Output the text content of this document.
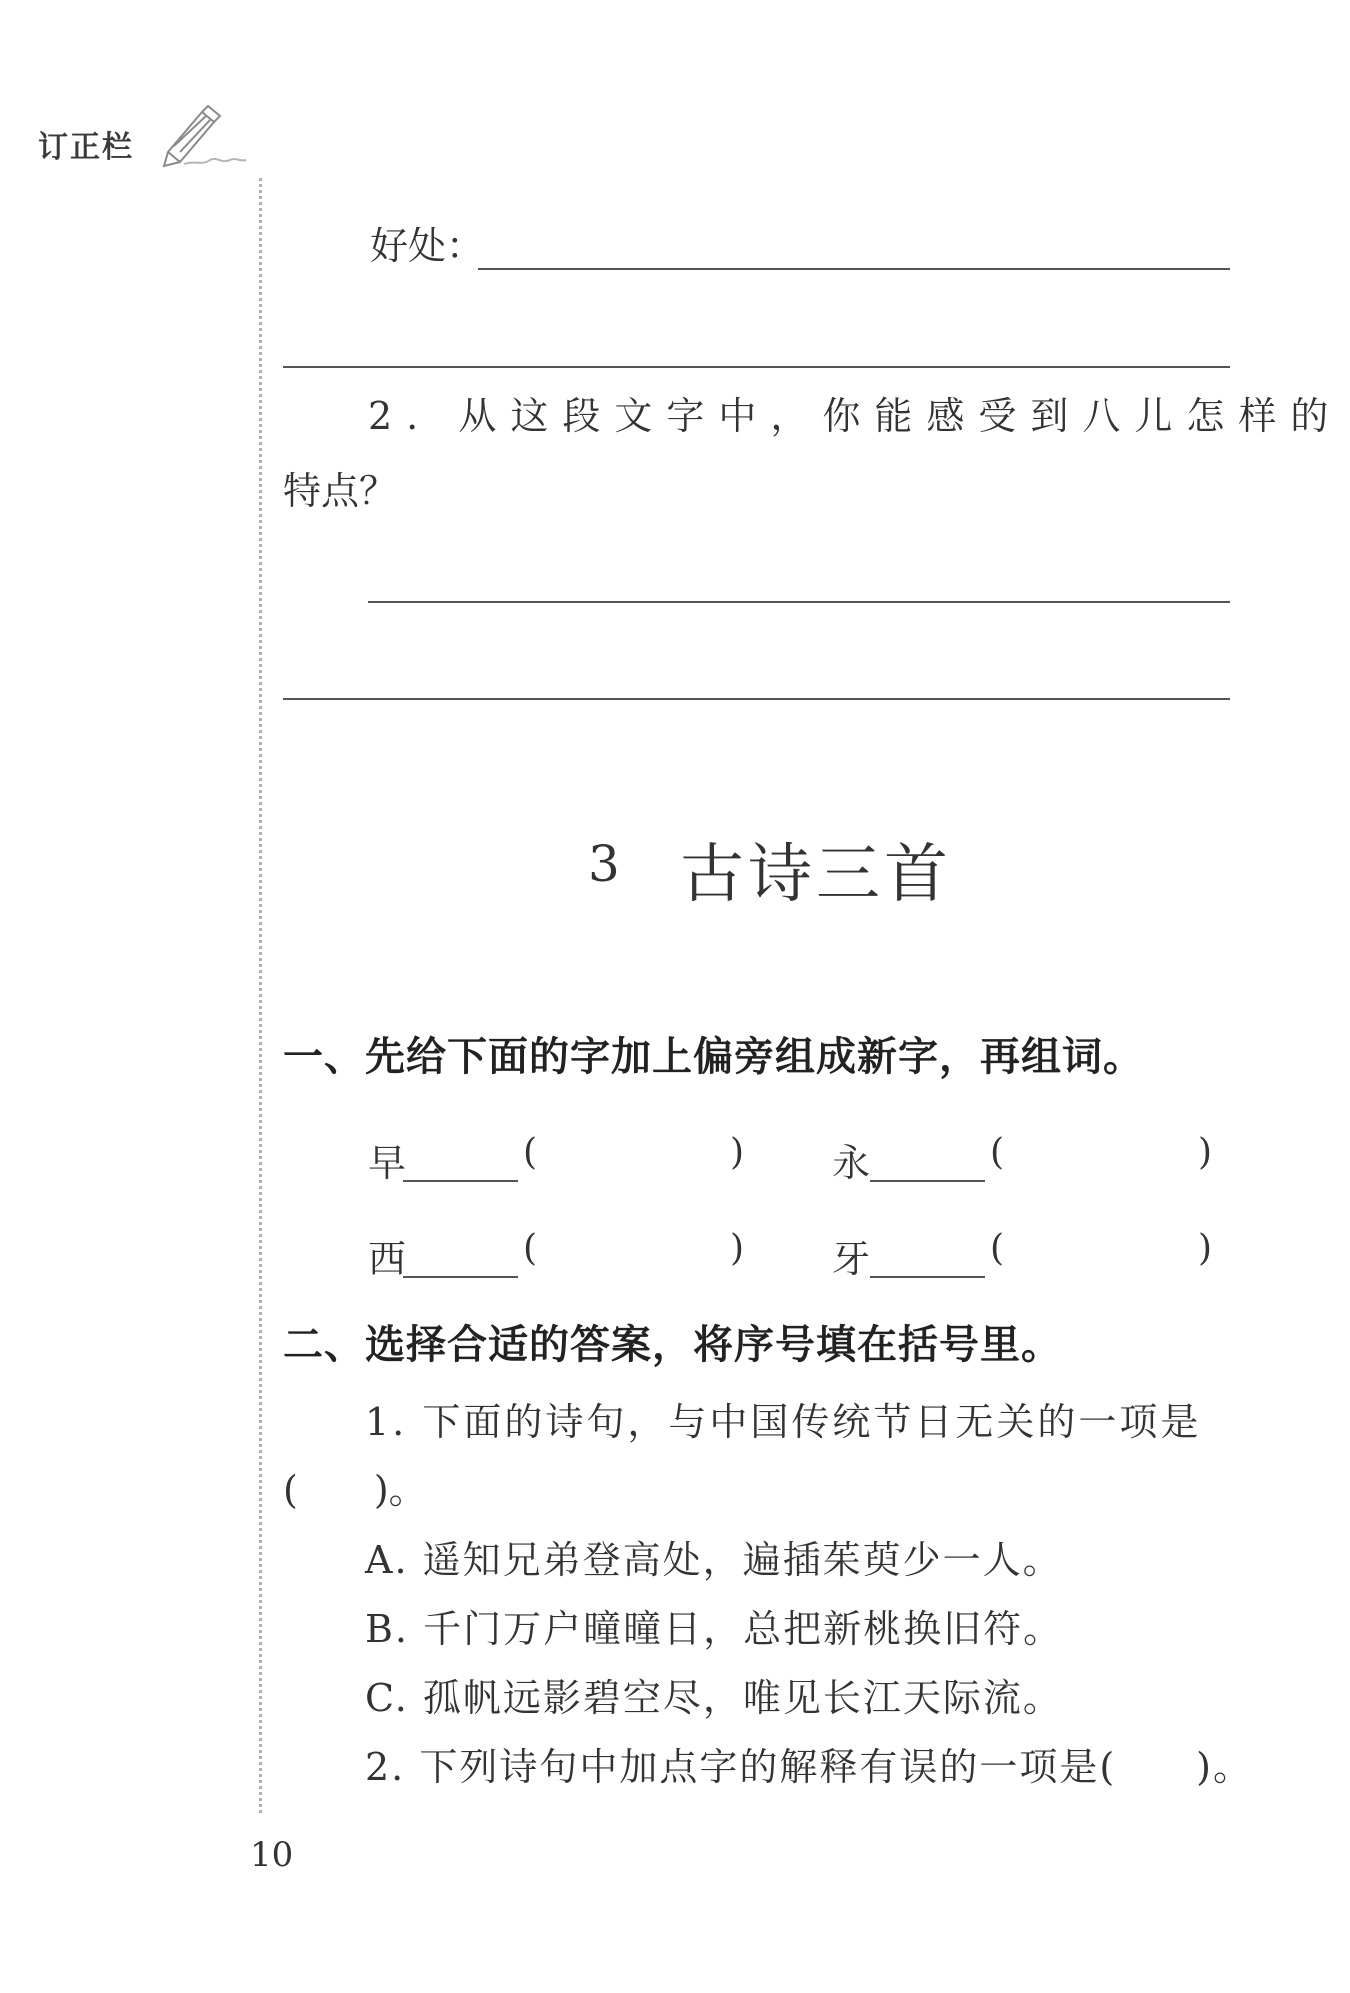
订正栏
好处：
2. 从这段文字中，你能感受到八儿怎样的
特点？
3 古诗三首
一、先给下面的字加上偏旁组成新字，再组词。
早	(	) 永	(	)
西	(	) 牙	(	)
二、选择合适的答案，将序号填在括号里。
1. 下面的诗句，与中国传统节日无关的一项是
(　　)。
A. 遥知兄弟登高处，遍插茱萸少一人。
B. 千门万户曈曈日，总把新桃换旧符。
C. 孤帆远影碧空尽，唯见长江天际流。
2. 下列诗句中加点字的解释有误的一项是(　　)。
10
